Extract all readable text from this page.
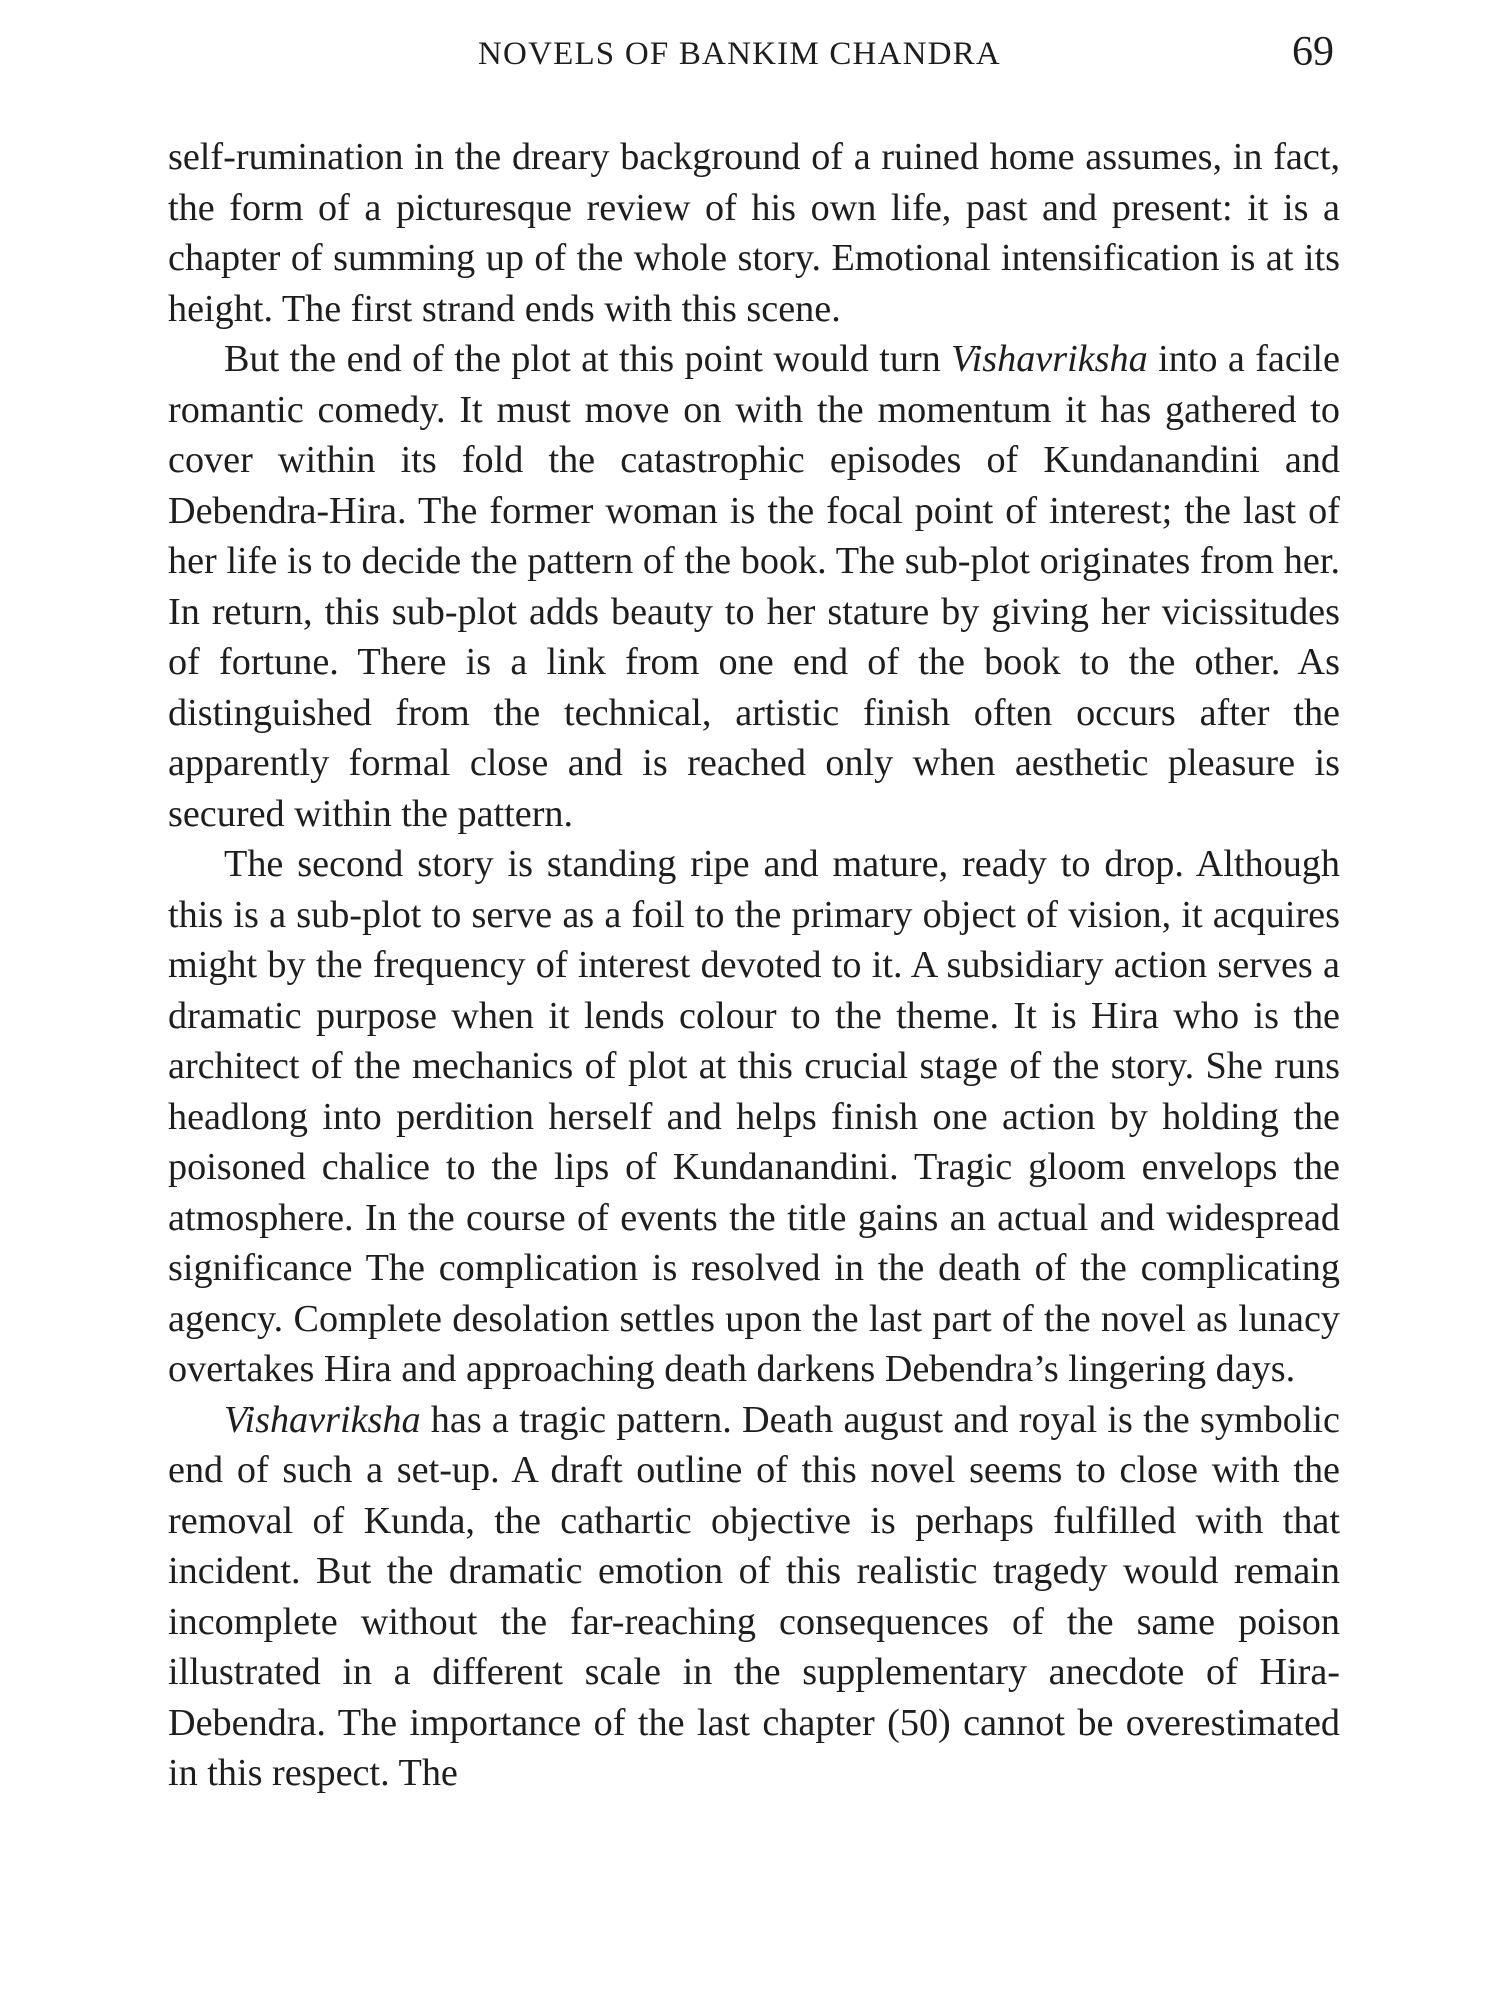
NOVELS OF BANKIM CHANDRA	69

self-rumination in the dreary background of a ruined home assumes, in fact, the form of a picturesque review of his own life, past and present: it is a chapter of summing up of the whole story. Emotional intensification is at its height. The first strand ends with this scene.

But the end of the plot at this point would turn Vishavriksha into a facile romantic comedy. It must move on with the momentum it has gathered to cover within its fold the catastrophic episodes of Kundanandini and Debendra-Hira. The former woman is the focal point of interest; the last of her life is to decide the pattern of the book. The sub-plot originates from her. In return, this sub-plot adds beauty to her stature by giving her vicissitudes of fortune. There is a link from one end of the book to the other. As distinguished from the technical, artistic finish often occurs after the apparently formal close and is reached only when aesthetic pleasure is secured within the pattern.

The second story is standing ripe and mature, ready to drop. Although this is a sub-plot to serve as a foil to the primary object of vision, it acquires might by the frequency of interest devoted to it. A subsidiary action serves a dramatic purpose when it lends colour to the theme. It is Hira who is the architect of the mechanics of plot at this crucial stage of the story. She runs headlong into perdition herself and helps finish one action by holding the poisoned chalice to the lips of Kundanandini. Tragic gloom envelops the atmosphere. In the course of events the title gains an actual and widespread significance The complication is resolved in the death of the complicating agency. Complete desolation settles upon the last part of the novel as lunacy overtakes Hira and approaching death darkens Debendra’s lingering days.

Vishavriksha has a tragic pattern. Death august and royal is the symbolic end of such a set-up. A draft outline of this novel seems to close with the removal of Kunda, the cathartic objective is perhaps fulfilled with that incident. But the dramatic emotion of this realistic tragedy would remain incomplete without the far-reaching consequences of the same poison illustrated in a different scale in the supplementary anecdote of Hira-Debendra. The importance of the last chapter (50) cannot be overestimated in this respect. The
